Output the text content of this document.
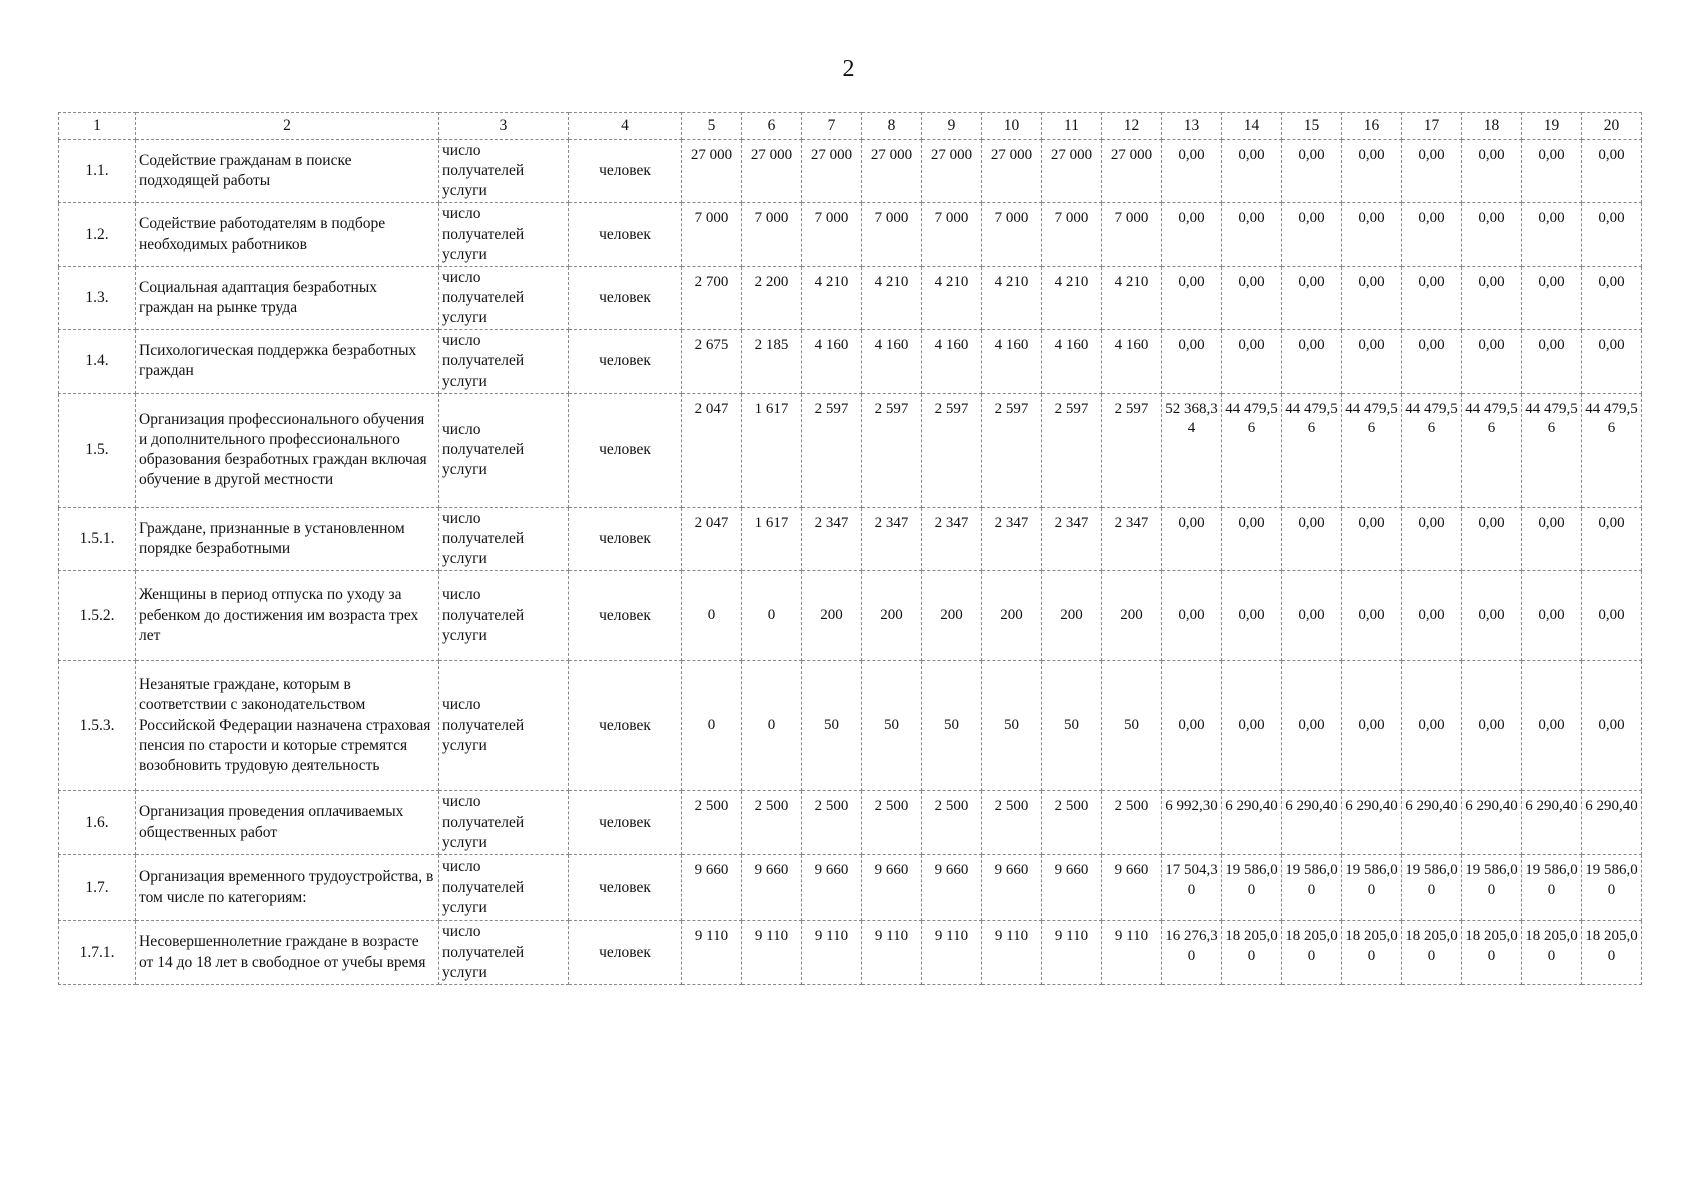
2
1	2	3	4	5	6	7	8	9	10	11	12	13	14	15	16	17	18	19	20
1.1.	Содействие гражданам в поиске подходящей работы	число получателей услуги	человек	27 000	27 000	27 000	27 000	27 000	27 000	27 000	27 000	0,00	0,00	0,00	0,00	0,00	0,00	0,00	0,00
1.2.	Содействие работодателям в подборе необходимых работников	число получателей услуги	человек	7 000	7 000	7 000	7 000	7 000	7 000	7 000	7 000	0,00	0,00	0,00	0,00	0,00	0,00	0,00	0,00
1.3.	Социальная адаптация безработных граждан на рынке труда	число получателей услуги	человек	2 700	2 200	4 210	4 210	4 210	4 210	4 210	4 210	0,00	0,00	0,00	0,00	0,00	0,00	0,00	0,00
1.4.	Психологическая поддержка безработных граждан	число получателей услуги	человек	2 675	2 185	4 160	4 160	4 160	4 160	4 160	4 160	0,00	0,00	0,00	0,00	0,00	0,00	0,00	0,00
1.5.	Организация профессионального обучения и дополнительного профессионального образования безработных граждан включая обучение в другой местности	число получателей услуги	человек	2 047	1 617	2 597	2 597	2 597	2 597	2 597	2 597	52 368,34	44 479,56	44 479,56	44 479,56	44 479,56	44 479,56	44 479,56	44 479,56
1.5.1.	Граждане, признанные в установленном порядке безработными	число получателей услуги	человек	2 047	1 617	2 347	2 347	2 347	2 347	2 347	2 347	0,00	0,00	0,00	0,00	0,00	0,00	0,00	0,00
1.5.2.	Женщины в период отпуска по уходу за ребенком до достижения им возраста трех лет	число получателей услуги	человек	0	0	200	200	200	200	200	200	0,00	0,00	0,00	0,00	0,00	0,00	0,00	0,00
1.5.3.	Незанятые граждане, которым в соответствии с законодательством Российской Федерации назначена страховая пенсия по старости и которые стремятся возобновить трудовую деятельность	число получателей услуги	человек	0	0	50	50	50	50	50	50	0,00	0,00	0,00	0,00	0,00	0,00	0,00	0,00
1.6.	Организация проведения оплачиваемых общественных работ	число получателей услуги	человек	2 500	2 500	2 500	2 500	2 500	2 500	2 500	2 500	6 992,30	6 290,40	6 290,40	6 290,40	6 290,40	6 290,40	6 290,40	6 290,40
1.7.	Организация временного трудоустройства, в том числе по категориям:	число получателей услуги	человек	9 660	9 660	9 660	9 660	9 660	9 660	9 660	9 660	17 504,30	19 586,00	19 586,00	19 586,00	19 586,00	19 586,00	19 586,00	19 586,00
1.7.1.	Несовершеннолетние граждане в возрасте от 14 до 18 лет в свободное от учебы время	число получателей услуги	человек	9 110	9 110	9 110	9 110	9 110	9 110	9 110	9 110	16 276,30	18 205,00	18 205,00	18 205,00	18 205,00	18 205,00	18 205,00	18 205,00
